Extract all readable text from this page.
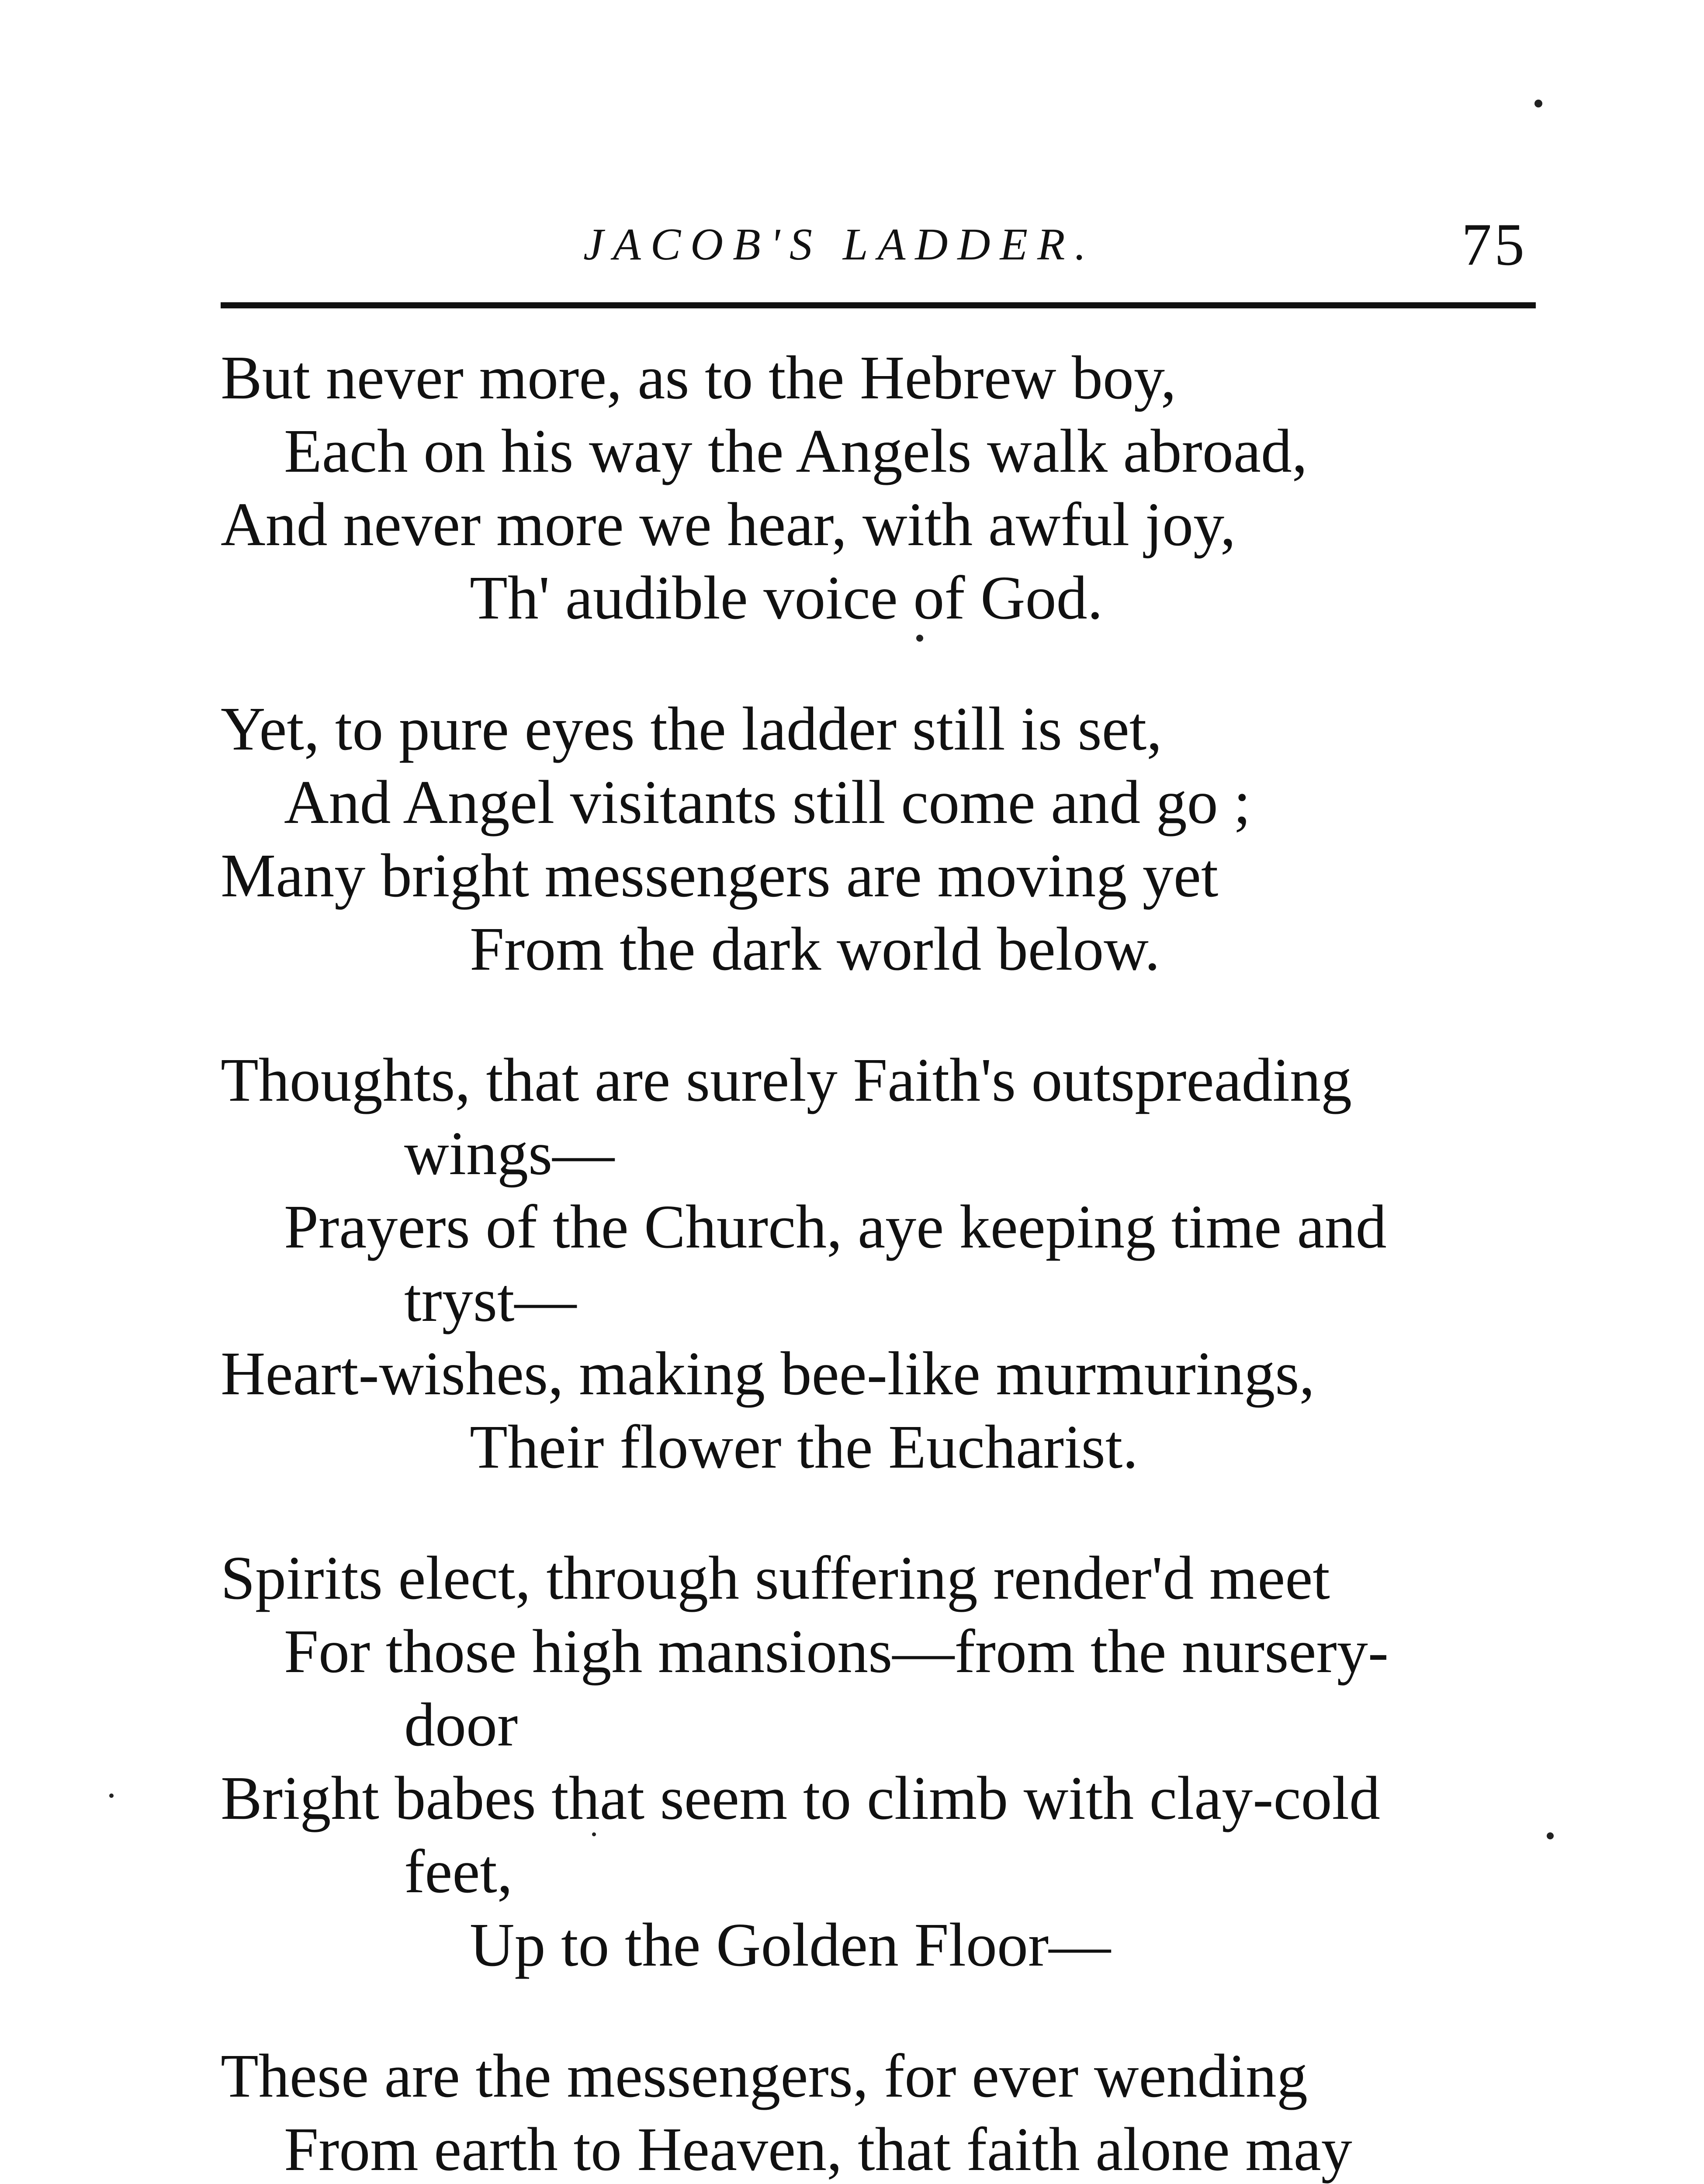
JACOB'S LADDER.	75
But never more, as to the Hebrew boy,
Each on his way the Angels walk abroad,
And never more we hear, with awful joy,
Th' audible voice of God.
Yet, to pure eyes the ladder still is set,
And Angel visitants still come and go ;
Many bright messengers are moving yet
From the dark world below.
Thoughts, that are surely Faith's outspreading
wings—
Prayers of the Church, aye keeping time and
tryst—
Heart-wishes, making bee-like murmurings,
Their flower the Eucharist.
Spirits elect, through suffering render'd meet
For those high mansions—from the nursery-
door
Bright babes that seem to climb with clay-cold
feet,
Up to the Golden Floor—
These are the messengers, for ever wending
From earth to Heaven, that faith alone may
